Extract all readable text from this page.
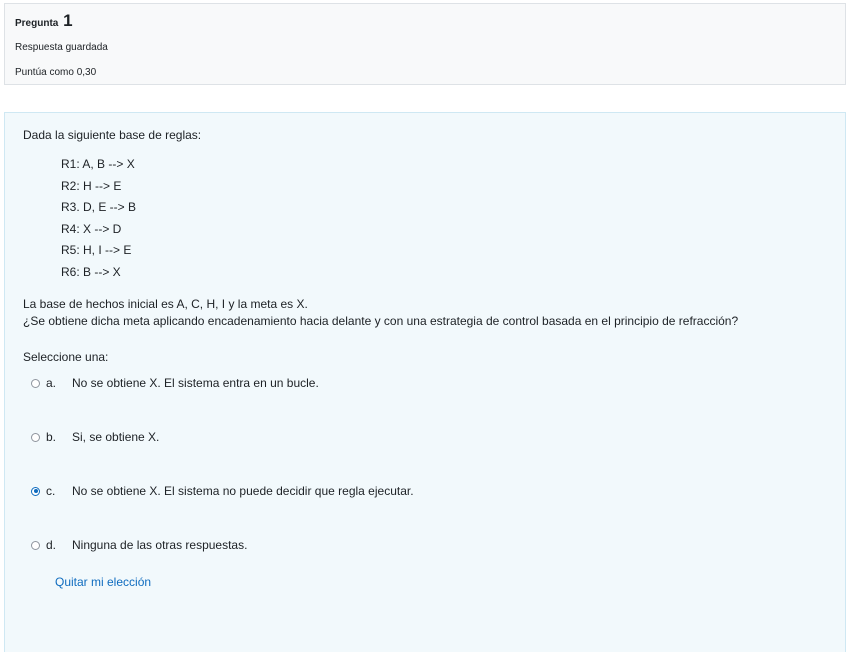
Pregunta 1
Respuesta guardada
Puntúa como 0,30

Dada la siguiente base de reglas:

R1: A, B --> X
R2: H --> E
R3. D, E --> B
R4: X --> D
R5: H, I --> E
R6: B --> X

La base de hechos inicial es A, C, H, I y la meta es X.

¿Se obtiene dicha meta aplicando encadenamiento hacia delante y con una estrategia de control basada en el principio de refracción?

Seleccione una:
a.	No se obtiene X. El sistema entra en un bucle.
b.	Si, se obtiene X.
c.	No se obtiene X. El sistema no puede decidir que regla ejecutar.
d.	Ninguna de las otras respuestas.
Quitar mi elección
